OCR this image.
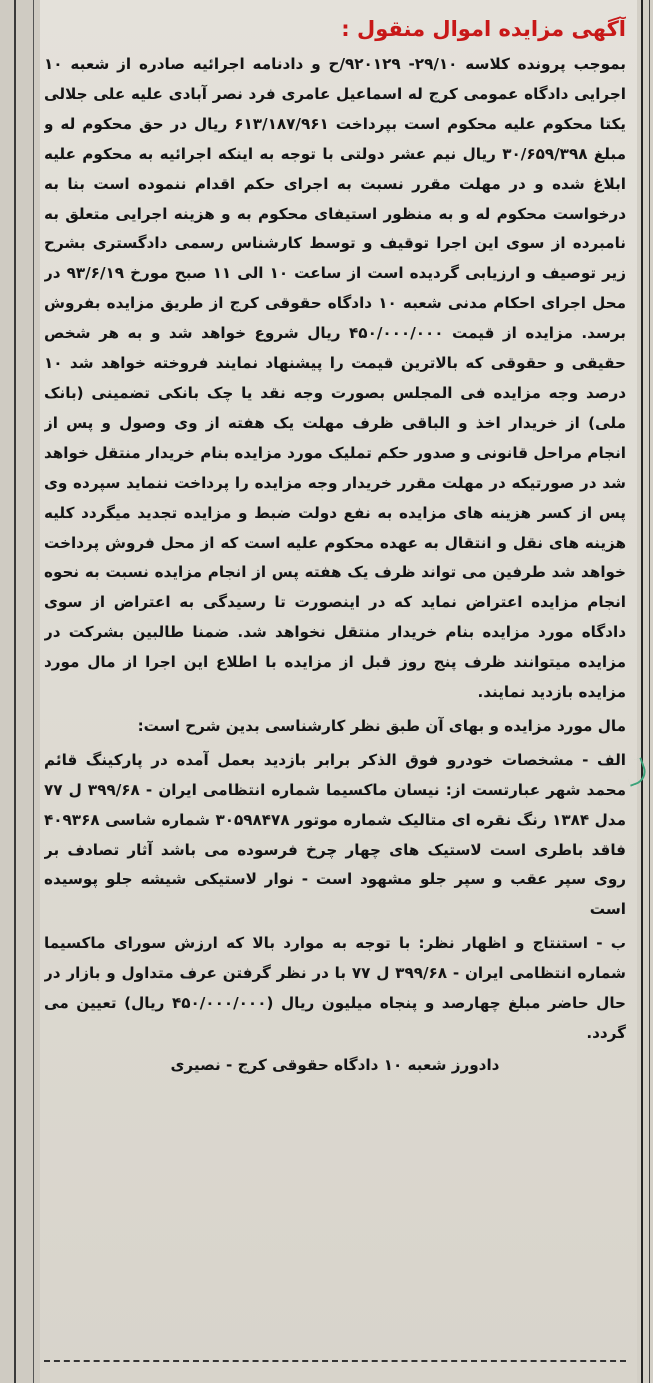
آگهی مزایده اموال منقول :

بموجب پرونده کلاسه ۲۹/۱۰- ۹۲۰۱۲۹/ح و دادنامه اجرائیه صادره از شعبه ۱۰ اجرایی دادگاه عمومی کرج له اسماعیل عامری فرد نصر آبادی علیه علی جلالی یکتا محکوم علیه محکوم است بپرداخت ۶۱۳/۱۸۷/۹۶۱ ریال در حق محکوم له و مبلغ ۳۰/۶۵۹/۳۹۸ ریال نیم عشر دولتی با توجه به اینکه اجرائیه به محکوم علیه ابلاغ شده و در مهلت مقرر نسبت به اجرای حکم اقدام ننموده است بنا به درخواست محکوم له و به منظور استیفای محکوم به و هزینه اجرایی متعلق به نامبرده از سوی این اجرا توقیف و توسط کارشناس رسمی دادگستری بشرح زیر توصیف و ارزیابی گردیده است از ساعت ۱۰ الی ۱۱ صبح مورخ ۹۳/۶/۱۹ در محل اجرای احکام مدنی شعبه ۱۰ دادگاه حقوقی کرج از طریق مزایده بفروش برسد. مزایده از قیمت ۴۵۰/۰۰۰/۰۰۰ ریال شروع خواهد شد و به هر شخص حقیقی و حقوقی که بالاترین قیمت را پیشنهاد نمایند فروخته خواهد شد ۱۰ درصد وجه مزایده فی المجلس بصورت وجه نقد یا چک بانکی تضمینی (بانک ملی) از خریدار اخذ و الباقی ظرف مهلت یک هفته از وی وصول و پس از انجام مراحل قانونی و صدور حکم تملیک مورد مزایده بنام خریدار منتقل خواهد شد در صورتیکه در مهلت مقرر خریدار وجه مزایده را پرداخت ننماید سپرده وی پس از کسر هزینه های مزایده به نفع دولت ضبط و مزایده تجدید میگردد کلیه هزینه های نقل و انتقال به عهده محکوم علیه است که از محل فروش پرداخت خواهد شد طرفین می تواند ظرف یک هفته پس از انجام مزایده نسبت به نحوه انجام مزایده اعتراض نماید که در اینصورت تا رسیدگی به اعتراض از سوی دادگاه مورد مزایده بنام خریدار منتقل نخواهد شد. ضمنا طالبین بشرکت در مزایده میتوانند ظرف پنج روز قبل از مزایده با اطلاع این اجرا از مال مورد مزایده بازدید نمایند.

مال مورد مزایده و بهای آن طبق نظر کارشناسی بدین شرح است:

الف - مشخصات خودرو فوق الذکر برابر بازدید بعمل آمده در پارکینگ قائم محمد شهر عبارتست از: نیسان ماکسیما شماره انتظامی ایران - ۳۹۹/۶۸ ل ۷۷ مدل ۱۳۸۴ رنگ نقره ای متالیک شماره موتور ۳۰۵۹۸۴۷۸ شماره شاسی ۴۰۹۳۶۸ فاقد باطری است لاستیک های چهار چرخ فرسوده می باشد آثار تصادف بر روی سپر عقب و سپر جلو مشهود است - نوار لاستیکی شیشه جلو پوسیده است

ب - استنتاج و اظهار نظر: با توجه به موارد بالا که ارزش سورای ماکسیما شماره انتظامی ایران - ۳۹۹/۶۸ ل ۷۷ با در نظر گرفتن عرف متداول و بازار در حال حاضر مبلغ چهارصد و پنجاه میلیون ریال (۴۵۰/۰۰۰/۰۰۰ ریال) تعیین می گردد.

دادورز شعبه ۱۰ دادگاه حقوقی کرج - نصیری
